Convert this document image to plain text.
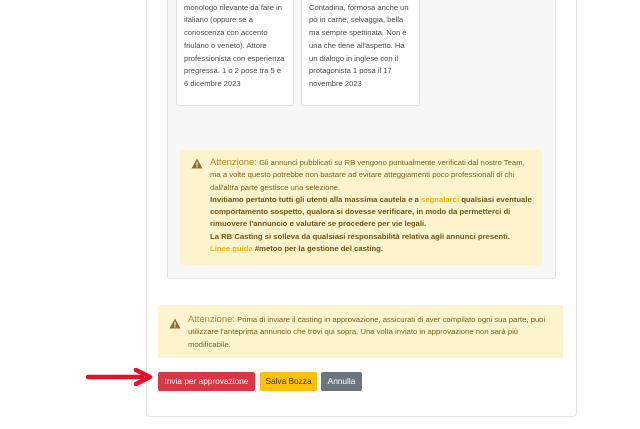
monologo rilevante da fare in italiano (oppure se a conoscenza con accento friulano o veneto). Attore professionista con esperienza pregressa. 1 o 2 pose tra 5 e 6 dicembre 2023
Contadina, formosa anche un pò in carne, selvaggia, bella ma sempre spettinata. Non è una che tiene all'aspetto. Ha un dialogo in inglese con il protagonista 1 posa il 17 novembre 2023
Attenzione: Gli annunci pubblicati su RB vengono puntualmente verificati dal nostro Team, ma a volte questo potrebbe non bastare ad evitare atteggiamenti poco professionali di chi dall'altra parte gestisce una selezione.
Invitiamo pertanto tutti gli utenti alla massima cautela e a segnalarci qualsiasi eventuale comportamento sospetto, qualora si dovesse verificare, in modo da permetterci di rimuovere l'annuncio e valutare se procedere per vie legali.
La RB Casting si solleva da qualsiasi responsabilità relativa agli annunci presenti.
Linee guida #metoo per la gestione del casting.
Attenzione: Prima di inviare il casting in approvazione, assicurati di aver compilato ogni sua parte, puoi utilizzare l'anteprima annuncio che trovi qui sopra. Una volta inviato in approvazione non sarà più modificabile.
Invia per approvazione	Salva Bozza	Annulla
